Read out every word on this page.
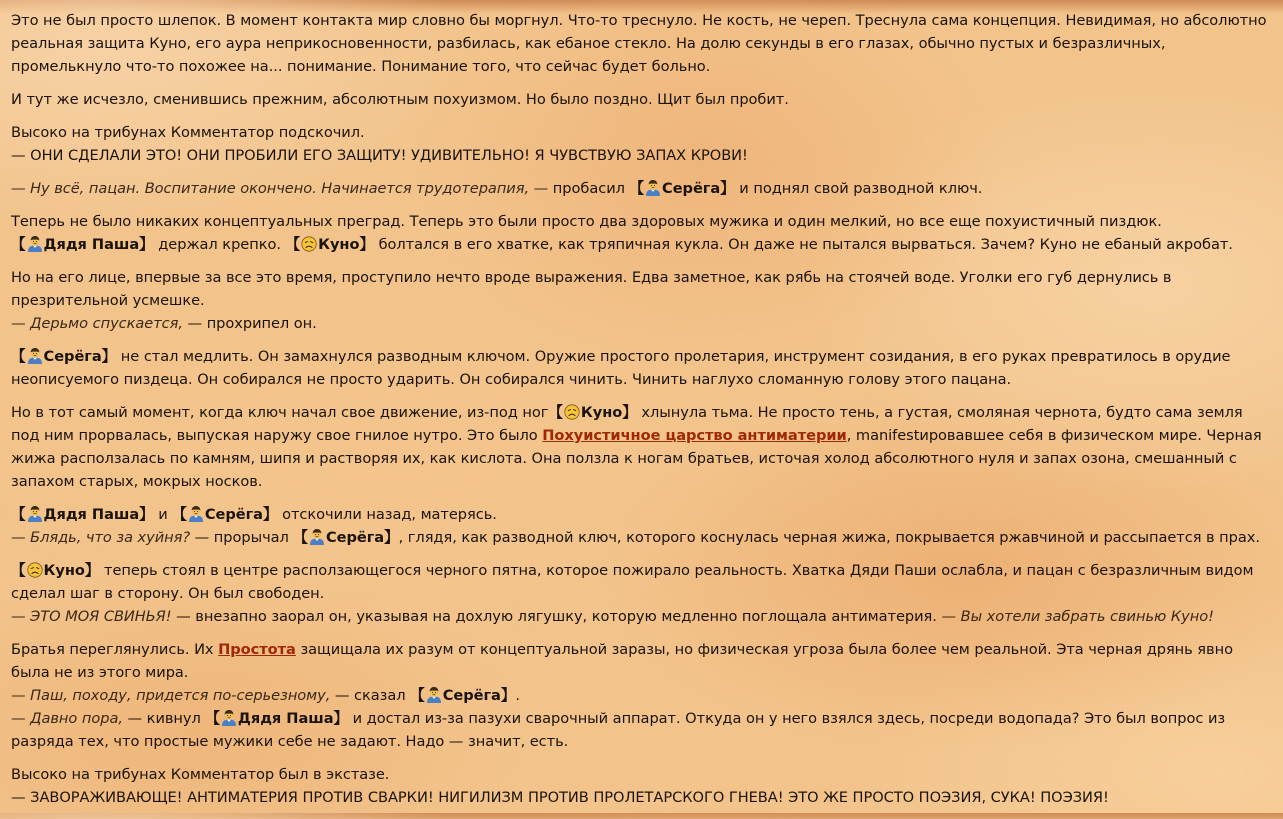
Это не был просто шлепок. В момент контакта мир словно бы моргнул. Что-то треснуло. Не кость, не череп. Треснула сама концепция. Невидимая, но абсолютно реальная защита Куно, его аура неприкосновенности, разбилась, как ебаное стекло. На долю секунды в его глазах, обычно пустых и безразличных, промелькнуло что-то похожее на... понимание. Понимание того, что сейчас будет больно.

И тут же исчезло, сменившись прежним, абсолютным похуизмом. Но было поздно. Щит был пробит.

Высоко на трибунах Комментатор подскочил.
— ОНИ СДЕЛАЛИ ЭТО! ОНИ ПРОБИЛИ ЕГО ЗАЩИТУ! УДИВИТЕЛЬНО! Я ЧУВСТВУЮ ЗАПАХ КРОВИ!

— Ну всё, пацан. Воспитание окончено. Начинается трудотерапия, — пробасил 【 Серёга】 и поднял свой разводной ключ.

Теперь не было никаких концептуальных преград. Теперь это были просто два здоровых мужика и один мелкий, но все еще похуистичный пиздюк.
【 Дядя Паша】 держал крепко. 【 Куно】 болтался в его хватке, как тряпичная кукла. Он даже не пытался вырваться. Зачем? Куно не ебаный акробат.

Но на его лице, впервые за все это время, проступило нечто вроде выражения. Едва заметное, как рябь на стоячей воде. Уголки его губ дернулись в презрительной усмешке.
— Дерьмо спускается, — прохрипел он.

【 Серёга】 не стал медлить. Он замахнулся разводным ключом. Оружие простого пролетария, инструмент созидания, в его руках превратилось в орудие неописуемого пиздеца. Он собирался не просто ударить. Он собирался чинить. Чинить наглухо сломанную голову этого пацана.

Но в тот самый момент, когда ключ начал свое движение, из-под ног【 Куно】 хлынула тьма. Не просто тень, а густая, смоляная чернота, будто сама земля под ним прорвалась, выпуская наружу свое гнилое нутро. Это было Похуистичное царство антиматерии, manifestировавшее себя в физическом мире. Черная жижа расползалась по камням, шипя и растворяя их, как кислота. Она ползла к ногам братьев, источая холод абсолютного нуля и запах озона, смешанный с запахом старых, мокрых носков.

【 Дядя Паша】 и 【 Серёга】 отскочили назад, матерясь.
— Блядь, что за хуйня? — прорычал 【 Серёга】, глядя, как разводной ключ, которого коснулась черная жижа, покрывается ржавчиной и рассыпается в прах.

【 Куно】 теперь стоял в центре расползающегося черного пятна, которое пожирало реальность. Хватка Дяди Паши ослабла, и пацан с безразличным видом сделал шаг в сторону. Он был свободен.
— ЭТО МОЯ СВИНЬЯ! — внезапно заорал он, указывая на дохлую лягушку, которую медленно поглощала антиматерия. — Вы хотели забрать свинью Куно!

Братья переглянулись. Их Простота защищала их разум от концептуальной заразы, но физическая угроза была более чем реальной. Эта черная дрянь явно была не из этого мира.
— Паш, походу, придется по-серьезному, — сказал 【 Серёга】.
— Давно пора, — кивнул 【 Дядя Паша】 и достал из-за пазухи сварочный аппарат. Откуда он у него взялся здесь, посреди водопада? Это был вопрос из разряда тех, что простые мужики себе не задают. Надо — значит, есть.

Высоко на трибунах Комментатор был в экстазе.
— ЗАВОРАЖИВАЮЩЕ! АНТИМАТЕРИЯ ПРОТИВ СВАРКИ! НИГИЛИЗМ ПРОТИВ ПРОЛЕТАРСКОГО ГНЕВА! ЭТО ЖЕ ПРОСТО ПОЭЗИЯ, СУКА! ПОЭЗИЯ!
